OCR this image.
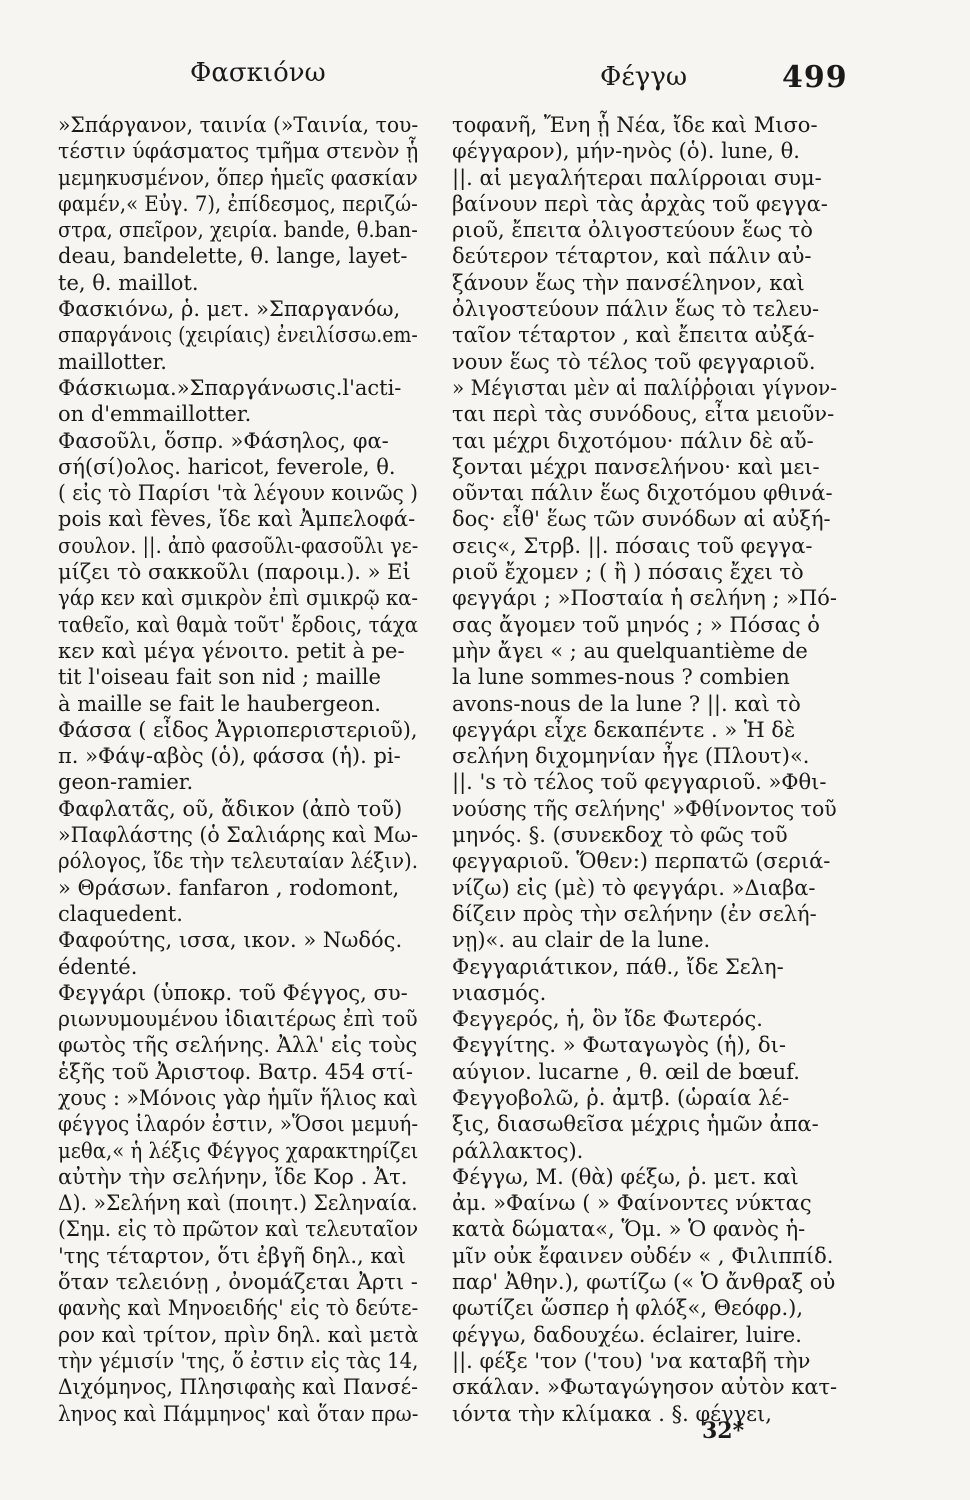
Φασκιόνω	Φέγγω	499
»Σπάργανον, ταινία (»Ταινία, του-
τέστιν ύφάσματος τμῆμα στενὸν ᾗ
μεμηκυσμένον, ὅπερ ἡμεῖς φασκίαν
φαμέν,« Εὐγ. 7), ἐπίδεσμος, περιζώ-
στρα, σπεῖρον, χειρία. bande, θ.ban-
deau, bandelette, θ. lange, layet-
te, θ. maillot.
Φασκιόνω, ῥ. μετ. »Σπαργανόω,
σπαργάνοις (χειρίαις) ἐνειλίσσω.em-
maillotter.
Φάσκιωμα.»Σπαργάνωσις.l'acti-
on d'emmaillotter.
Φασοῦλι, ὅσπρ. »Φάσηλος, φα-
σή(σί)ολος. haricot, feverole, θ.
( εἰς τὸ Παρίσι 'τὰ λέγουν κοινῶς )
pois καὶ fèves, ἴδε καὶ Ἀμπελοφά-
σουλον. ||. ἀπὸ φασοῦλι-φασοῦλι γε-
μίζει τὸ σακκοῦλι (παροιμ.). » Εἰ
γάρ κεν καὶ σμικρὸν ἐπὶ σμικρῷ κα-
ταθεῖο, καὶ θαμὰ τοῦτ' ἔρδοις, τάχα
κεν καὶ μέγα γένοιτο. petit à pe-
tit l'oiseau fait son nid ; maille
à maille se fait le haubergeon.
Φάσσα ( εἶδος Ἀγριοπεριστεριοῦ),
π. »Φάψ-αβὸς (ὁ), φάσσα (ἡ). pi-
geon-ramier.
Φαφλατᾶς, οῦ, ἄδικον (ἀπὸ τοῦ)
»Παφλάστης (ὁ Σαλιάρης καὶ Μω-
ρόλογος, ἴδε τὴν τελευταίαν λέξιν).
» Θράσων. fanfaron , rodomont,
claquedent.
Φαφούτης, ισσα, ικον. » Νωδός.
édenté.
Φεγγάρι (ὑποκρ. τοῦ Φέγγος, συ-
ριωνυμουμένου ἰδιαιτέρως ἐπὶ τοῦ
φωτὸς τῆς σελήνης. Ἀλλ' εἰς τοὺς
ἑξῆς τοῦ Ἀριστοφ. Βατρ. 454 στί-
χους : »Μόνοις γὰρ ἡμῖν ἥλιος καὶ
φέγγος ἱλαρόν ἐστιν, »Ὅσοι μεμυή-
μεθα,« ἡ λέξις Φέγγος χαρακτηρίζει
αὐτὴν τὴν σελήνην, ἴδε Κορ . Ἀτ.
Δ). »Σελήνη καὶ (ποιητ.) Σεληναία.
(Σημ. εἰς τὸ πρῶτον καὶ τελευταῖον
'της τέταρτον, ὅτι ἐβγῆ δηλ., καὶ
ὅταν τελειόνῃ , ὀνομάζεται Ἀρτι -
φανὴς καὶ Μηνοειδής' εἰς τὸ δεύτε-
ρον καὶ τρίτον, πρὶν δηλ. καὶ μετὰ
τὴν γέμισίν 'της, ὅ ἐστιν εἰς τὰς 14,
Διχόμηνος, Πλησιφαὴς καὶ Πανσέ-
ληνος καὶ Πάμμηνος' καὶ ὅταν πρω-
τοφανῆ, Ἔνη ᾗ Νέα, ἴδε καὶ Μισο-
φέγγαρον), μήν-ηνὸς (ὁ). lune, θ.
||. αἱ μεγαλήτεραι παλίρροιαι συμ-
βαίνουν περὶ τὰς ἀρχὰς τοῦ φεγγα-
ριοῦ, ἔπειτα ὀλιγοστεύουν ἕως τὸ
δεύτερον τέταρτον, καὶ πάλιν αὐ-
ξάνουν ἕως τὴν πανσέληνον, καὶ
ὀλιγοστεύουν πάλιν ἕως τὸ τελευ-
ταῖον τέταρτον , καὶ ἔπειτα αὐξά-
νουν ἕως τὸ τέλος τοῦ φεγγαριοῦ.
» Μέγισται μὲν αἱ παλίῤῥοιαι γίγνον-
ται περὶ τὰς συνόδους, εἶτα μειοῦν-
ται μέχρι διχοτόμου· πάλιν δὲ αὔ-
ξονται μέχρι πανσελήνου· καὶ μει-
οῦνται πάλιν ἕως διχοτόμου φθινά-
δος· εἶθ' ἕως τῶν συνόδων αἱ αὐξή-
σεις«, Στρβ. ||. πόσαις τοῦ φεγγα-
ριοῦ ἔχομεν ; ( ἢ ) πόσαις ἔχει τὸ
φεγγάρι ; »Ποσταία ἡ σελήνη ; »Πό-
σας ἄγομεν τοῦ μηνός ; » Πόσας ὁ
μὴν ἄγει « ; au quelquantième de
la lune sommes-nous ? combien
avons-nous de la lune ? ||. καὶ τὸ
φεγγάρι εἶχε δεκαπέντε . » Ἡ δὲ
σελήνη διχομηνίαν ἦγε (Πλουτ)«.
||. 's τὸ τέλος τοῦ φεγγαριοῦ. »Φθι-
νούσης τῆς σελήνης' »Φθίνοντος τοῦ
μηνός. §. (συνεκδοχ τὸ φῶς τοῦ
φεγγαριοῦ. Ὅθεν:) περπατῶ (σεριά-
νίζω) εἰς (μὲ) τὸ φεγγάρι. »Διαβα-
δίζειν πρὸς τὴν σελήνην (ἐν σελή-
νῃ)«. au clair de la lune.
Φεγγαριάτικον, πάθ., ἴδε Σελη-
νιασμός.
Φεγγερός, ἡ, ὃν ἴδε Φωτερός.
Φεγγίτης. » Φωταγωγὸς (ἡ), δι-
αύγιον. lucarne , θ. œil de bœuf.
Φεγγοβολῶ, ῥ. ἀμτβ. (ὡραία λέ-
ξις, διασωθεῖσα μέχρις ἡμῶν ἀπα-
ράλλακτος).
Φέγγω, Μ. (θὰ) φέξω, ῥ. μετ. καὶ
ἀμ. »Φαίνω ( » Φαίνοντες νύκτας
κατὰ δώματα«, Ὅμ. » Ὁ φανὸς ἡ-
μῖν οὐκ ἔφαινεν οὐδέν « , Φιλιππίδ.
παρ' Ἀθην.), φωτίζω (« Ὁ ἄνθραξ οὐ
φωτίζει ὥσπερ ἡ φλόξ«, Θεόφρ.),
φέγγω, δαδουχέω. éclairer, luire.
||. φέξε 'τον ('του) 'να καταβῆ τὴν
σκάλαν. »Φωταγώγησον αὐτὸν κατ-
ιόντα τὴν κλίμακα . §. φέγγει,
32*
